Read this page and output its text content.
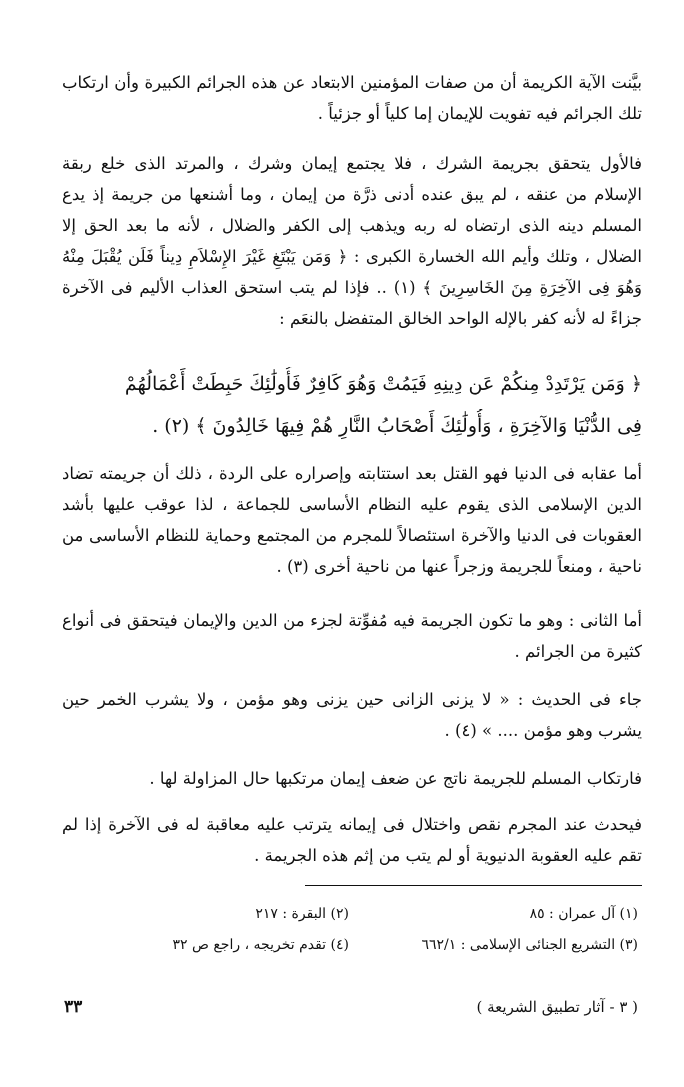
بيَّنت الآية الكريمة أن من صفات المؤمنين الابتعاد عن هذه الجرائم الكبيرة وأن ارتكاب تلك الجرائم فيه تفويت للإيمان إما كلياً أو جزئياً .

فالأول يتحقق بجريمة الشرك ، فلا يجتمع إيمان وشرك ، والمرتد الذى خلع ربقة الإسلام من عنقه ، لم يبق عنده أدنى ذرَّة من إيمان ، وما أشنعها من جريمة إذ يدع المسلم دينه الذى ارتضاه له ربه ويذهب إلى الكفر والضلال ، لأنه ما بعد الحق إلا الضلال ، وتلك وأيم الله الخسارة الكبرى : ﴿ وَمَن يَبْتَغِ غَيْرَ الإِسْلاَمِ دِيناً فَلَن يُقْبَلَ مِنْهُ وَهُوَ فِى الآخِرَةِ مِنَ الخَاسِرِينَ ﴾ (١) .. فإذا لم يتب استحق العذاب الأليم فى الآخرة جزاءً له لأنه كفر بالإله الواحد الخالق المتفضل بالنعَم :

﴿ وَمَن يَرْتَدِدْ مِنكُمْ عَن دِينِهِ فَيَمُتْ وَهُوَ كَافِرٌ فَأُولَٰئِكَ حَبِطَتْ أَعْمَالُهُمْ
فِى الدُّنْيَا وَالآخِرَةِ ، وَأُولَٰئِكَ أَصْحَابُ النَّارِ هُمْ فِيهَا خَالِدُونَ ﴾ (٢) .

أما عقابه فى الدنيا فهو القتل بعد استتابته وإصراره على الردة ، ذلك أن جريمته تضاد الدين الإسلامى الذى يقوم عليه النظام الأساسى للجماعة ، لذا عوقب عليها بأشد العقوبات فى الدنيا والآخرة استئصالاً للمجرم من المجتمع وحماية للنظام الأساسى من ناحية ، ومنعاً للجريمة وزجراً عنها من ناحية أخرى (٣) .

أما الثانى : وهو ما تكون الجريمة فيه مُفوِّتة لجزء من الدين والإيمان فيتحقق فى أنواع كثيرة من الجرائم .

جاء فى الحديث : « لا يزنى الزانى حين يزنى وهو مؤمن ، ولا يشرب الخمر حين يشرب وهو مؤمن .... » (٤) .

فارتكاب المسلم للجريمة ناتج عن ضعف إيمان مرتكبها حال المزاولة لها .

فيحدث عند المجرم نقص واختلال فى إيمانه يترتب عليه معاقبة له فى الآخرة إذا لم تقم عليه العقوبة الدنيوية أو لم يتب من إثم هذه الجريمة .

(١) آل عمران : ٨٥
(٢) البقرة : ٢١٧
(٣) التشريع الجنائى الإسلامى : ٦٦٢/١
(٤) تقدم تخريجه ، راجع ص ٣٢
٣٣	( ٣ - آثار تطبيق الشريعة )
